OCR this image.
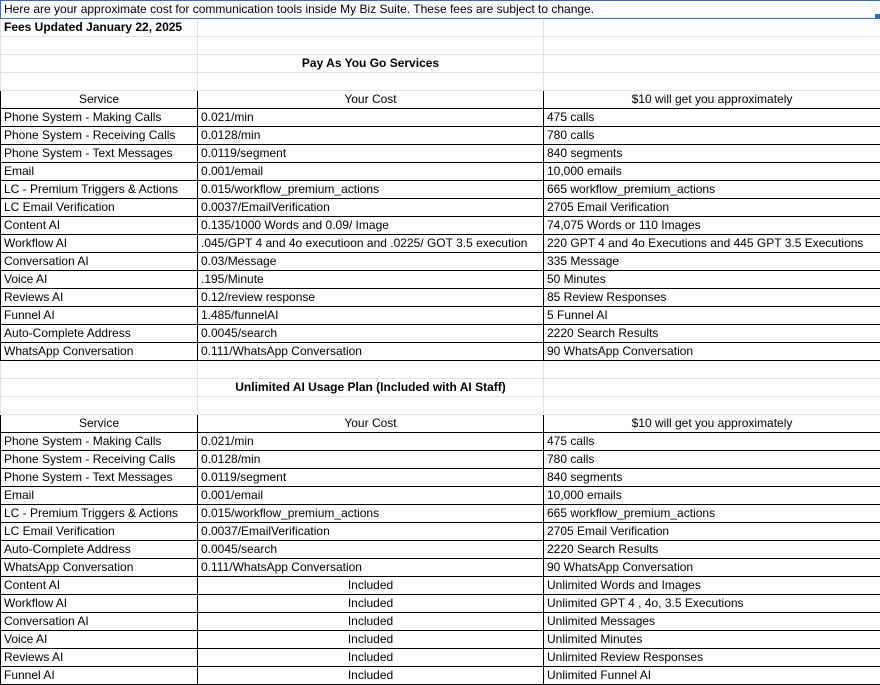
Here are your approximate cost for communication tools inside My Biz Suite. These fees are subject to change.		
Fees Updated January 22, 2025		

	Pay As You Go Services	

Service	Your Cost	$10 will get you approximately
Phone System - Making Calls	0.021/min	475 calls
Phone System - Receiving Calls	0.0128/min	780 calls
Phone System - Text Messages	0.0119/segment	840 segments
Email	0.001/email	10,000 emails
LC - Premium Triggers & Actions	0.015/workflow_premium_actions	665 workflow_premium_actions
LC Email Verification	0.0037/EmailVerification	2705 Email Verification
Content AI	0.135/1000 Words and 0.09/ Image	74,075 Words or 110 Images
Workflow AI	.045/GPT 4 and 4o executioon and .0225/ GOT 3.5 execution	220 GPT 4 and 4o Executions and 445 GPT 3.5 Executions
Conversation AI	0.03/Message	335 Message
Voice AI	.195/Minute	50 Minutes
Reviews AI	0.12/review response	85 Review Responses
Funnel AI	1.485/funnelAI	5 Funnel AI
Auto-Complete Address	0.0045/search	2220 Search Results
WhatsApp Conversation	0.111/WhatsApp Conversation	90 WhatsApp Conversation

	Unlimited AI Usage Plan (Included with AI Staff)	

Service	Your Cost	$10 will get you approximately
Phone System - Making Calls	0.021/min	475 calls
Phone System - Receiving Calls	0.0128/min	780 calls
Phone System - Text Messages	0.0119/segment	840 segments
Email	0.001/email	10,000 emails
LC - Premium Triggers & Actions	0.015/workflow_premium_actions	665 workflow_premium_actions
LC Email Verification	0.0037/EmailVerification	2705 Email Verification
Auto-Complete Address	0.0045/search	2220 Search Results
WhatsApp Conversation	0.111/WhatsApp Conversation	90 WhatsApp Conversation
Content AI	Included	Unlimited Words and Images
Workflow AI	Included	Unlimited GPT 4 , 4o, 3.5 Executions
Conversation AI	Included	Unlimited Messages
Voice AI	Included	Unlimited Minutes
Reviews AI	Included	Unlimited Review Responses
Funnel AI	Included	Unlimited Funnel AI
